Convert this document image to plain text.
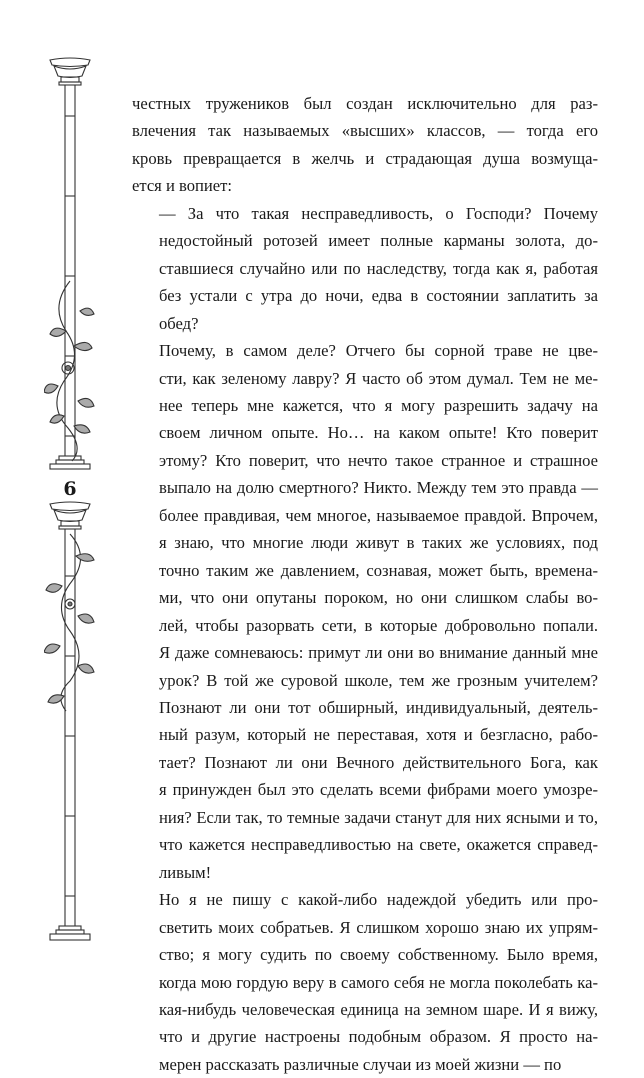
6

честных тружеников был создан исключительно для раз-
влечения так называемых «высших» классов, — тогда его
кровь превращается в желчь и страдающая душа возмуща-
ется и вопиет:

— За что такая несправедливость, о Господи? Почему
недостойный ротозей имеет полные карманы золота, до-
ставшиеся случайно или по наследству, тогда как я, работая
без устали с утра до ночи, едва в состоянии заплатить за
обед?

Почему, в самом деле? Отчего бы сорной траве не цве-
сти, как зеленому лавру? Я часто об этом думал. Тем не ме-
нее теперь мне кажется, что я могу разрешить задачу на
своем личном опыте. Но… на каком опыте! Кто поверит
этому? Кто поверит, что нечто такое странное и страшное
выпало на долю смертного? Никто. Между тем это правда —
более правдивая, чем многое, называемое правдой. Впрочем,
я знаю, что многие люди живут в таких же условиях, под
точно таким же давлением, сознавая, может быть, времена-
ми, что они опутаны пороком, но они слишком слабы во-
лей, чтобы разорвать сети, в которые добровольно попали.
Я даже сомневаюсь: примут ли они во внимание данный мне
урок? В той же суровой школе, тем же грозным учителем?
Познают ли они тот обширный, индивидуальный, деятель-
ный разум, который не переставая, хотя и безгласно, рабо-
тает? Познают ли они Вечного действительного Бога, как
я принужден был это сделать всеми фибрами моего умозре-
ния? Если так, то темные задачи станут для них ясными и то,
что кажется несправедливостью на свете, окажется справед-
ливым!

Но я не пишу с какой-либо надеждой убедить или про-
светить моих собратьев. Я слишком хорошо знаю их упрям-
ство; я могу судить по своему собственному. Было время,
когда мою гордую веру в самого себя не могла поколебать ка-
кая-нибудь человеческая единица на земном шаре. И я вижу,
что и другие настроены подобным образом. Я просто на-
мерен рассказать различные случаи из моей жизни — по
